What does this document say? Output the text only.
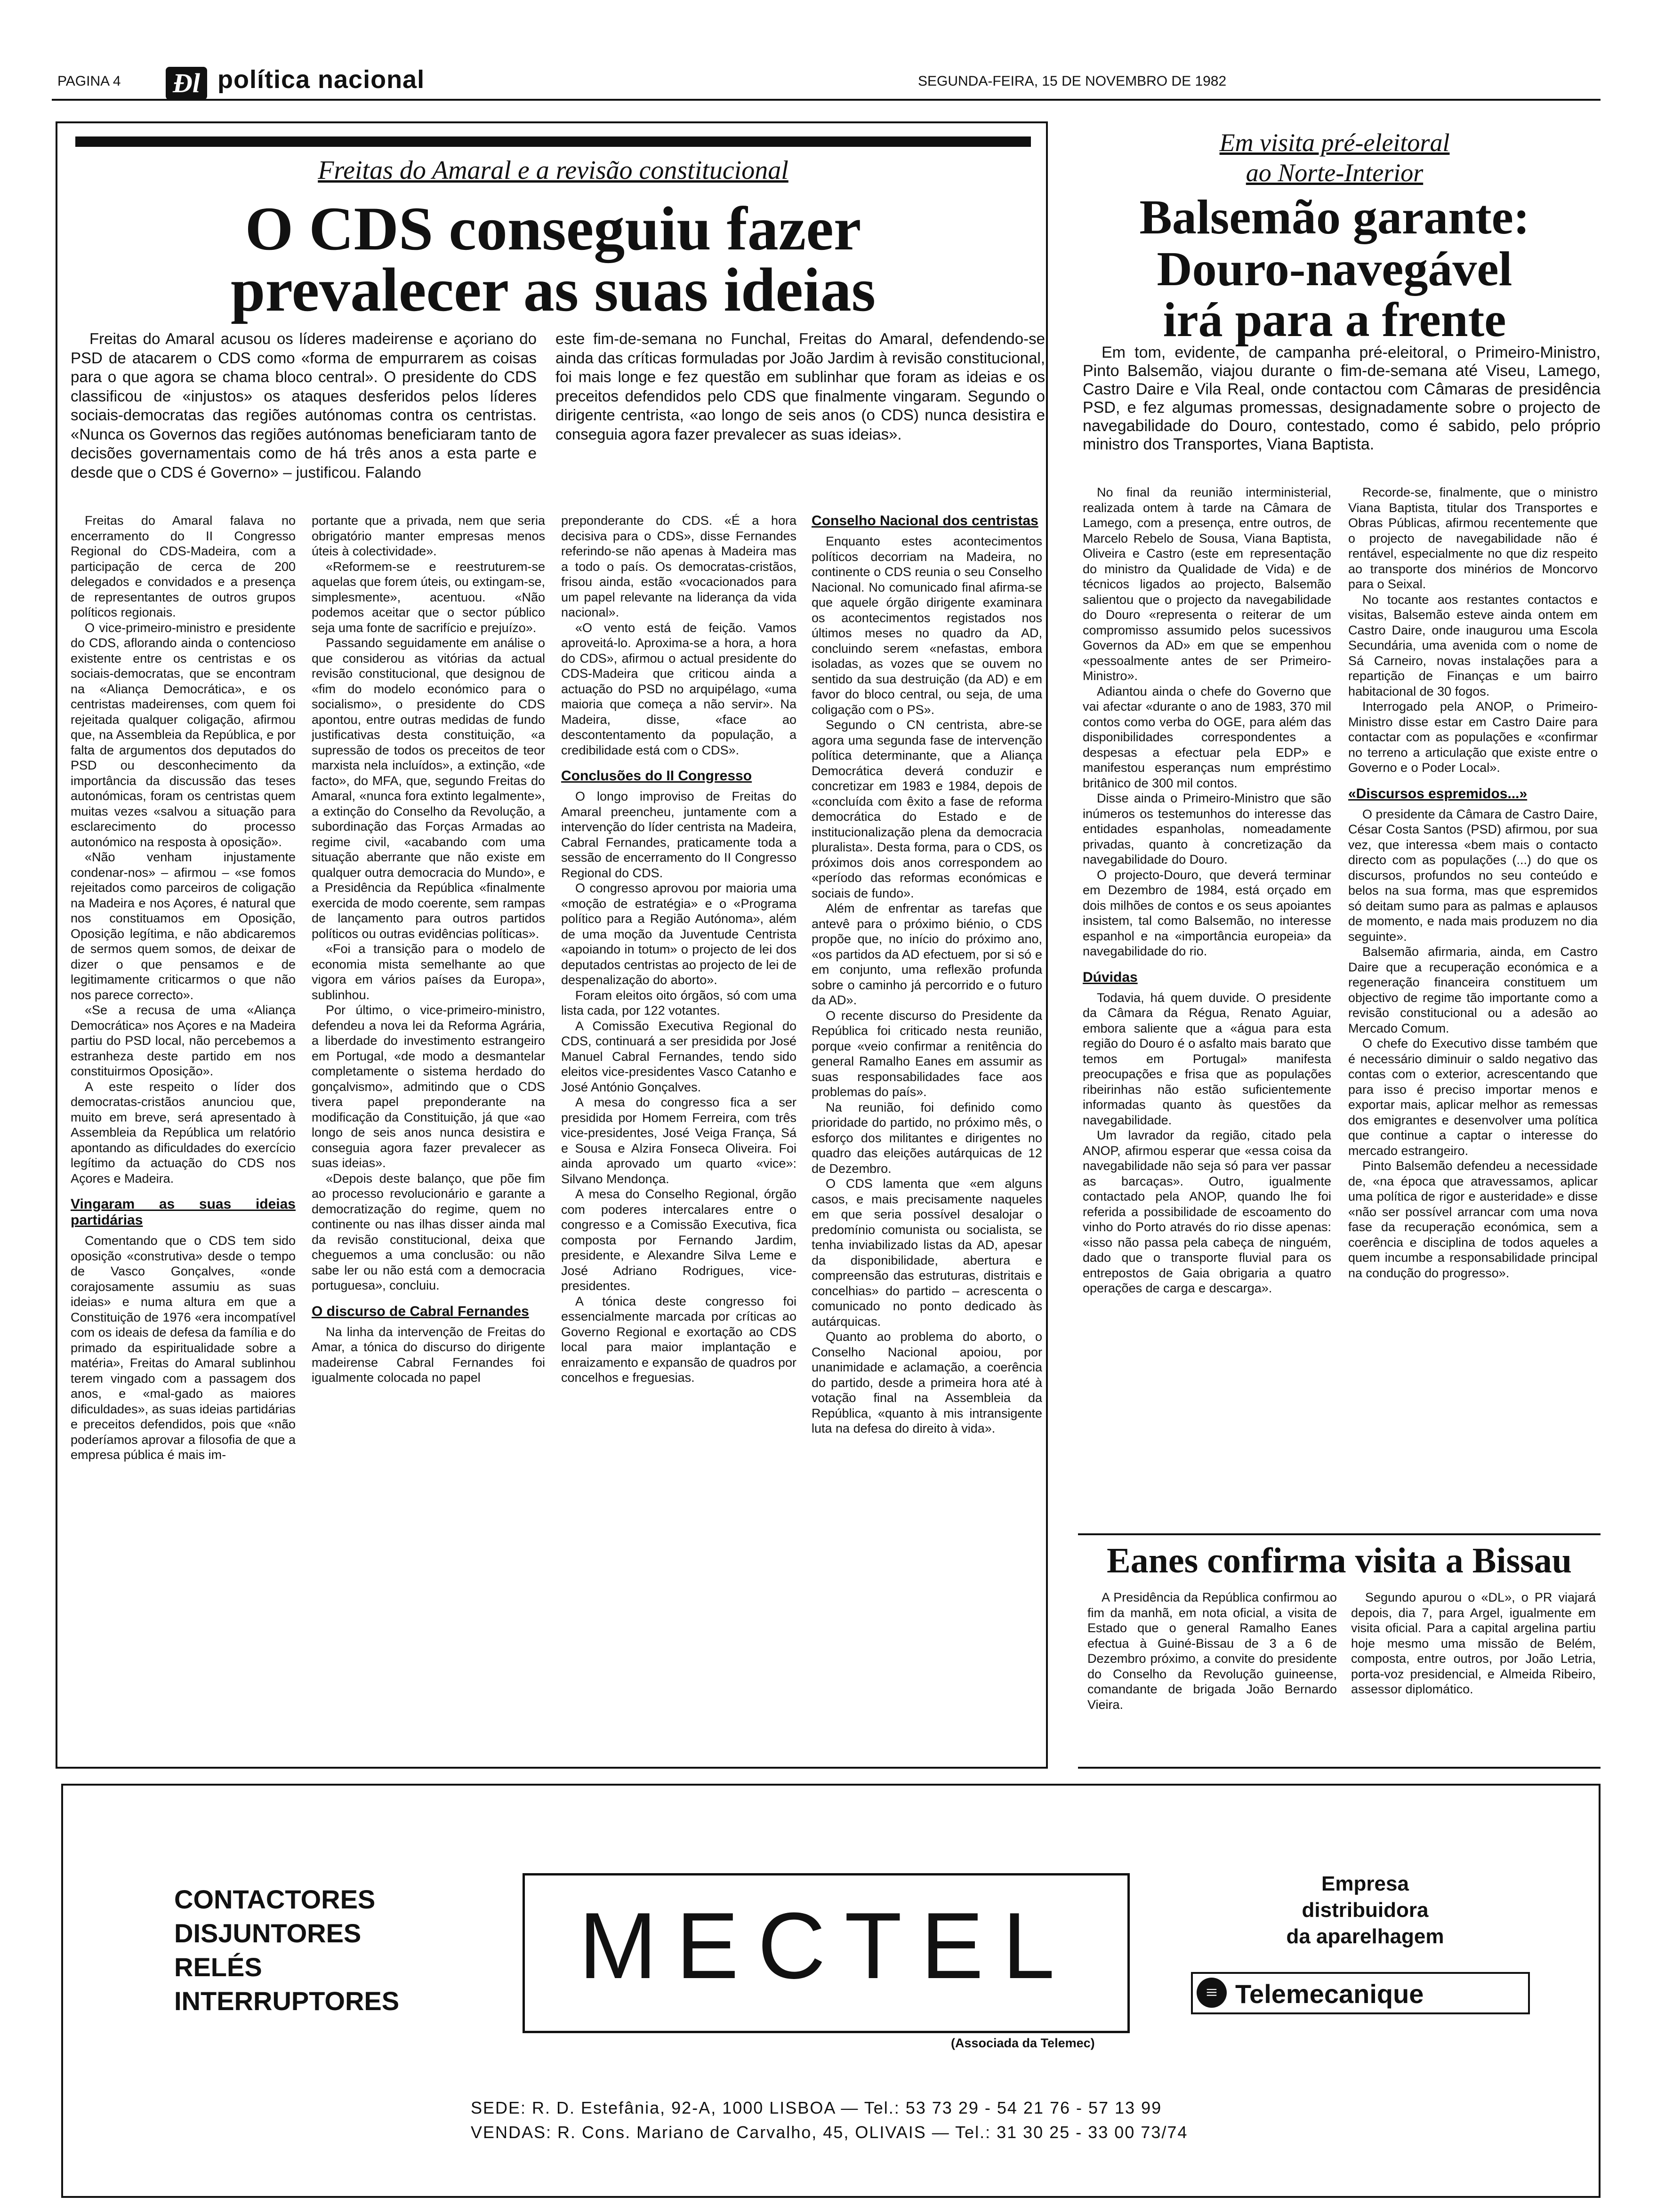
PAGINA 4 Ɖl política nacional	SEGUNDA-FEIRA, 15 DE NOVEMBRO DE 1982
Freitas do Amaral e a revisão constitucional
O CDS conseguiu fazer
prevalecer as suas ideias

Freitas do Amaral acusou os líderes madeirense e açoriano do PSD de atacarem o CDS como «forma de empurrarem as coisas para o que agora se chama bloco central». O presidente do CDS classificou de «injustos» os ataques desferidos pelos líderes sociais-democratas das regiões autónomas contra os centristas. «Nunca os Governos das regiões autónomas beneficiaram tanto de decisões governamentais como de há três anos a esta parte e desde que o CDS é Governo» – justificou. Falando

este fim-de-semana no Funchal, Freitas do Amaral, defendendo-se ainda das críticas formuladas por João Jardim à revisão constitucional, foi mais longe e fez questão em sublinhar que foram as ideias e os preceitos defendidos pelo CDS que finalmente vingaram. Segundo o dirigente centrista, «ao longo de seis anos (o CDS) nunca desistira e conseguia agora fazer prevalecer as suas ideias».

Freitas do Amaral falava no encerramento do II Congresso Regional do CDS-Madeira, com a participação de cerca de 200 delegados e convidados e a presença de representantes de outros grupos políticos regionais.

O vice-primeiro-ministro e presidente do CDS, aflorando ainda o contencioso existente entre os centristas e os sociais-democratas, que se encontram na «Aliança Democrática», e os centristas madeirenses, com quem foi rejeitada qualquer coligação, afirmou que, na Assembleia da República, e por falta de argumentos dos deputados do PSD ou desconhecimento da importância da discussão das teses autonómicas, foram os centristas quem muitas vezes «salvou a situação para esclarecimento do processo autonómico na resposta à oposição».

«Não venham injustamente condenar-nos» – afirmou – «se fomos rejeitados como parceiros de coligação na Madeira e nos Açores, é natural que nos constituamos em Oposição, Oposição legítima, e não abdicaremos de sermos quem somos, de deixar de dizer o que pensamos e de legitimamente criticarmos o que não nos parece correcto».

«Se a recusa de uma «Aliança Democrática» nos Açores e na Madeira partiu do PSD local, não percebemos a estranheza deste partido em nos constituirmos Oposição».

A este respeito o líder dos democratas-cristãos anunciou que, muito em breve, será apresentado à Assembleia da República um relatório apontando as dificuldades do exercício legítimo da actuação do CDS nos Açores e Madeira.

Vingaram as suas ideias partidárias

Comentando que o CDS tem sido oposição «construtiva» desde o tempo de Vasco Gonçalves, «onde corajosamente assumiu as suas ideias» e numa altura em que a Constituição de 1976 «era incompatível com os ideais de defesa da família e do primado da espiritualidade sobre a matéria», Freitas do Amaral sublinhou terem vingado com a passagem dos anos, e «mal-gado as maiores dificuldades», as suas ideias partidárias e preceitos defendidos, pois que «não poderíamos aprovar a filosofia de que a empresa pública é mais im-

portante que a privada, nem que seria obrigatório manter empresas menos úteis à colectividade».

«Reformem-se e reestruturem-se aquelas que forem úteis, ou extingam-se, simplesmente», acentuou. «Não podemos aceitar que o sector público seja uma fonte de sacrifício e prejuízo».

Passando seguidamente em análise o que considerou as vitórias da actual revisão constitucional, que designou de «fim do modelo económico para o socialismo», o presidente do CDS apontou, entre outras medidas de fundo justificativas desta constituição, «a supressão de todos os preceitos de teor marxista nela incluídos», a extinção, «de facto», do MFA, que, segundo Freitas do Amaral, «nunca fora extinto legalmente», a extinção do Conselho da Revolução, a subordinação das Forças Armadas ao regime civil, «acabando com uma situação aberrante que não existe em qualquer outra democracia do Mundo», e a Presidência da República «finalmente exercida de modo coerente, sem rampas de lançamento para outros partidos políticos ou outras evidências políticas».

«Foi a transição para o modelo de economia mista semelhante ao que vigora em vários países da Europa», sublinhou.

Por último, o vice-primeiro-ministro, defendeu a nova lei da Reforma Agrária, a liberdade do investimento estrangeiro em Portugal, «de modo a desmantelar completamente o sistema herdado do gonçalvismo», admitindo que o CDS tivera papel preponderante na modificação da Constituição, já que «ao longo de seis anos nunca desistira e conseguia agora fazer prevalecer as suas ideias».

«Depois deste balanço, que põe fim ao processo revolucionário e garante a democratização do regime, quem no continente ou nas ilhas disser ainda mal da revisão constitucional, deixa que cheguemos a uma conclusão: ou não sabe ler ou não está com a democracia portuguesa», concluiu.

O discurso de Cabral Fernandes

Na linha da intervenção de Freitas do Amar, a tónica do discurso do dirigente madeirense Cabral Fernandes foi igualmente colocada no papel

preponderante do CDS. «É a hora decisiva para o CDS», disse Fernandes referindo-se não apenas à Madeira mas a todo o país. Os democratas-cristãos, frisou ainda, estão «vocacionados para um papel relevante na liderança da vida nacional».

«O vento está de feição. Vamos aproveitá-lo. Aproxima-se a hora, a hora do CDS», afirmou o actual presidente do CDS-Madeira que criticou ainda a actuação do PSD no arquipélago, «uma maioria que começa a não servir». Na Madeira, disse, «face ao descontentamento da população, a credibilidade está com o CDS».

Conclusões do II Congresso

O longo improviso de Freitas do Amaral preencheu, juntamente com a intervenção do líder centrista na Madeira, Cabral Fernandes, praticamente toda a sessão de encerramento do II Congresso Regional do CDS.

O congresso aprovou por maioria uma «moção de estratégia» e o «Programa político para a Região Autónoma», além de uma moção da Juventude Centrista «apoiando in totum» o projecto de lei dos deputados centristas ao projecto de lei de despenalização do aborto».

Foram eleitos oito órgãos, só com uma lista cada, por 122 votantes.

A Comissão Executiva Regional do CDS, continuará a ser presidida por José Manuel Cabral Fernandes, tendo sido eleitos vice-presidentes Vasco Catanho e José António Gonçalves.

A mesa do congresso fica a ser presidida por Homem Ferreira, com três vice-presidentes, José Veiga França, Sá e Sousa e Alzira Fonseca Oliveira. Foi ainda aprovado um quarto «vice»: Silvano Mendonça.

A mesa do Conselho Regional, órgão com poderes intercalares entre o congresso e a Comissão Executiva, fica composta por Fernando Jardim, presidente, e Alexandre Silva Leme e José Adriano Rodrigues, vice-presidentes.

A tónica deste congresso foi essencialmente marcada por críticas ao Governo Regional e exortação ao CDS local para maior implantação e enraizamento e expansão de quadros por concelhos e freguesias.

Conselho Nacional dos centristas

Enquanto estes acontecimentos políticos decorriam na Madeira, no continente o CDS reunia o seu Conselho Nacional. No comunicado final afirma-se que aquele órgão dirigente examinara os acontecimentos registados nos últimos meses no quadro da AD, concluindo serem «nefastas, embora isoladas, as vozes que se ouvem no sentido da sua destruição (da AD) e em favor do bloco central, ou seja, de uma coligação com o PS».

Segundo o CN centrista, abre-se agora uma segunda fase de intervenção política determinante, que a Aliança Democrática deverá conduzir e concretizar em 1983 e 1984, depois de «concluída com êxito a fase de reforma democrática do Estado e de institucionalização plena da democracia pluralista». Desta forma, para o CDS, os próximos dois anos correspondem ao «período das reformas económicas e sociais de fundo».

Além de enfrentar as tarefas que antevê para o próximo biénio, o CDS propõe que, no início do próximo ano, «os partidos da AD efectuem, por si só e em conjunto, uma reflexão profunda sobre o caminho já percorrido e o futuro da AD».

O recente discurso do Presidente da República foi criticado nesta reunião, porque «veio confirmar a renitência do general Ramalho Eanes em assumir as suas responsabilidades face aos problemas do país».

Na reunião, foi definido como prioridade do partido, no próximo mês, o esforço dos militantes e dirigentes no quadro das eleições autárquicas de 12 de Dezembro.

O CDS lamenta que «em alguns casos, e mais precisamente naqueles em que seria possível desalojar o predomínio comunista ou socialista, se tenha inviabilizado listas da AD, apesar da disponibilidade, abertura e compreensão das estruturas, distritais e concelhias» do partido – acrescenta o comunicado no ponto dedicado às autárquicas.

Quanto ao problema do aborto, o Conselho Nacional apoiou, por unanimidade e aclamação, a coerência do partido, desde a primeira hora até à votação final na Assembleia da República, «quanto à mis intransigente luta na defesa do direito à vida».

Em visita pré-eleitoral
ao Norte-Interior
Balsemão garante:
Douro-navegável
irá para a frente

Em tom, evidente, de campanha pré-eleitoral, o Primeiro-Ministro, Pinto Balsemão, viajou durante o fim-de-semana até Viseu, Lamego, Castro Daire e Vila Real, onde contactou com Câmaras de presidência PSD, e fez algumas promessas, designadamente sobre o projecto de navegabilidade do Douro, contestado, como é sabido, pelo próprio ministro dos Transportes, Viana Baptista.

No final da reunião interministerial, realizada ontem à tarde na Câmara de Lamego, com a presença, entre outros, de Marcelo Rebelo de Sousa, Viana Baptista, Oliveira e Castro (este em representação do ministro da Qualidade de Vida) e de técnicos ligados ao projecto, Balsemão salientou que o projecto da navegabilidade do Douro «representa o reiterar de um compromisso assumido pelos sucessivos Governos da AD» em que se empenhou «pessoalmente antes de ser Primeiro-Ministro».

Adiantou ainda o chefe do Governo que vai afectar «durante o ano de 1983, 370 mil contos como verba do OGE, para além das disponibilidades correspondentes a despesas a efectuar pela EDP» e manifestou esperanças num empréstimo britânico de 300 mil contos.

Disse ainda o Primeiro-Ministro que são inúmeros os testemunhos do interesse das entidades espanholas, nomeadamente privadas, quanto à concretização da navegabilidade do Douro.

O projecto-Douro, que deverá terminar em Dezembro de 1984, está orçado em dois milhões de contos e os seus apoiantes insistem, tal como Balsemão, no interesse espanhol e na «importância europeia» da navegabilidade do rio.

Dúvidas

Todavia, há quem duvide. O presidente da Câmara da Régua, Renato Aguiar, embora saliente que a «água para esta região do Douro é o asfalto mais barato que temos em Portugal» manifesta preocupações e frisa que as populações ribeirinhas não estão suficientemente informadas quanto às questões da navegabilidade.

Um lavrador da região, citado pela ANOP, afirmou esperar que «essa coisa da navegabilidade não seja só para ver passar as barcaças». Outro, igualmente contactado pela ANOP, quando lhe foi referida a possibilidade de escoamento do vinho do Porto através do rio disse apenas: «isso não passa pela cabeça de ninguém, dado que o transporte fluvial para os entrepostos de Gaia obrigaria a quatro operações de carga e descarga».

Recorde-se, finalmente, que o ministro Viana Baptista, titular dos Transportes e Obras Públicas, afirmou recentemente que o projecto de navegabilidade não é rentável, especialmente no que diz respeito ao transporte dos minérios de Moncorvo para o Seixal.

No tocante aos restantes contactos e visitas, Balsemão esteve ainda ontem em Castro Daire, onde inaugurou uma Escola Secundária, uma avenida com o nome de Sá Carneiro, novas instalações para a repartição de Finanças e um bairro habitacional de 30 fogos.

Interrogado pela ANOP, o Primeiro-Ministro disse estar em Castro Daire para contactar com as populações e «confirmar no terreno a articulação que existe entre o Governo e o Poder Local».

«Discursos espremidos...»

O presidente da Câmara de Castro Daire, César Costa Santos (PSD) afirmou, por sua vez, que interessa «bem mais o contacto directo com as populações (...) do que os discursos, profundos no seu conteúdo e belos na sua forma, mas que espremidos só deitam sumo para as palmas e aplausos de momento, e nada mais produzem no dia seguinte».

Balsemão afirmaria, ainda, em Castro Daire que a recuperação económica e a regeneração financeira constituem um objectivo de regime tão importante como a revisão constitucional ou a adesão ao Mercado Comum.

O chefe do Executivo disse também que é necessário diminuir o saldo negativo das contas com o exterior, acrescentando que para isso é preciso importar menos e exportar mais, aplicar melhor as remessas dos emigrantes e desenvolver uma política que continue a captar o interesse do mercado estrangeiro.

Pinto Balsemão defendeu a necessidade de, «na época que atravessamos, aplicar uma política de rigor e austeridade» e disse «não ser possível arrancar com uma nova fase da recuperação económica, sem a coerência e disciplina de todos aqueles a quem incumbe a responsabilidade principal na condução do progresso».

Eanes confirma visita a Bissau

A Presidência da República confirmou ao fim da manhã, em nota oficial, a visita de Estado que o general Ramalho Eanes efectua à Guiné-Bissau de 3 a 6 de Dezembro próximo, a convite do presidente do Conselho da Revolução guineense, comandante de brigada João Bernardo Vieira.

Segundo apurou o «DL», o PR viajará depois, dia 7, para Argel, igualmente em visita oficial. Para a capital argelina partiu hoje mesmo uma missão de Belém, composta, entre outros, por João Letria, porta-voz presidencial, e Almeida Ribeiro, assessor diplomático.

CONTACTORES
DISJUNTORES
RELÉS
INTERRUPTORES
MECTEL
(Associada da Telemec)
Empresa
distribuidora
da aparelhagem
≡ Telemecanique
SEDE: R. D. Estefânia, 92-A, 1000 LISBOA — Tel.: 53 73 29 - 54 21 76 - 57 13 99
VENDAS: R. Cons. Mariano de Carvalho, 45, OLIVAIS — Tel.: 31 30 25 - 33 00 73/74
